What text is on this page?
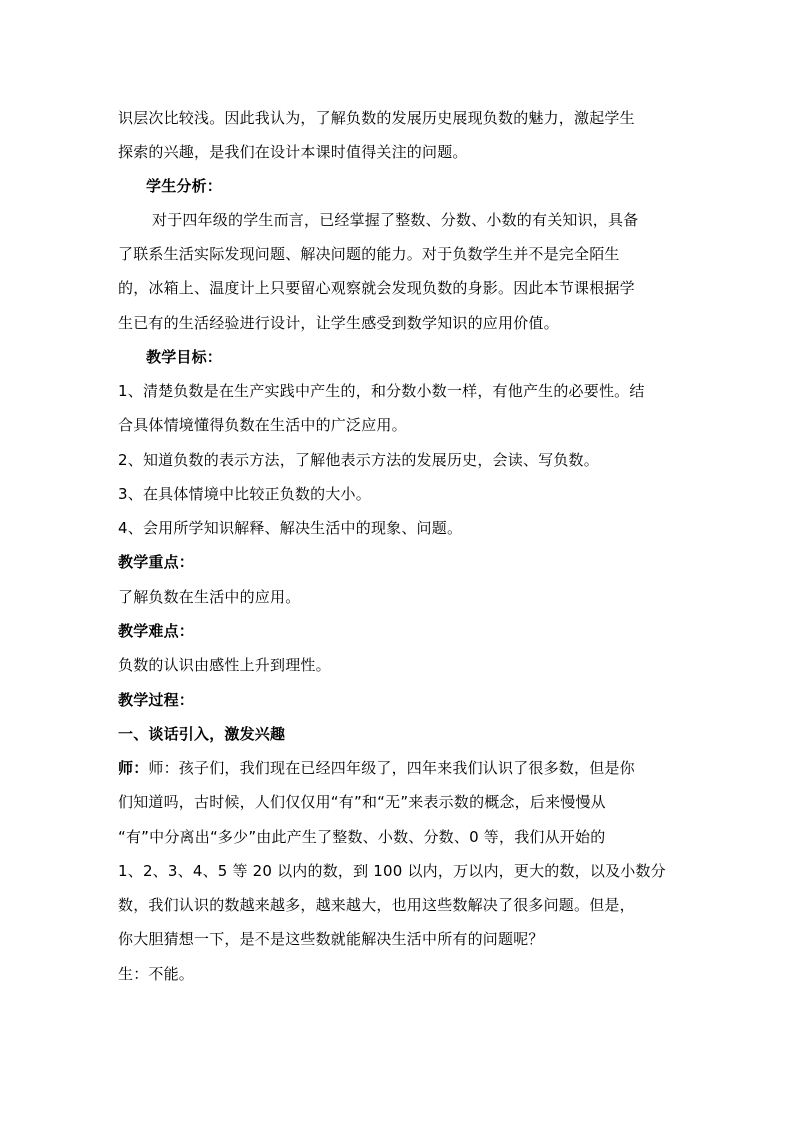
识层次比较浅。因此我认为，了解负数的发展历史展现负数的魅力，激起学生
探索的兴趣，是我们在设计本课时值得关注的问题。
学生分析：
对于四年级的学生而言，已经掌握了整数、分数、小数的有关知识，具备
了联系生活实际发现问题、解决问题的能力。对于负数学生并不是完全陌生
的，冰箱上、温度计上只要留心观察就会发现负数的身影。因此本节课根据学
生已有的生活经验进行设计，让学生感受到数学知识的应用价值。
教学目标：
1、清楚负数是在生产实践中产生的，和分数小数一样，有他产生的必要性。结
合具体情境懂得负数在生活中的广泛应用。
2、知道负数的表示方法，了解他表示方法的发展历史，会读、写负数。
3、在具体情境中比较正负数的大小。
4、会用所学知识解释、解决生活中的现象、问题。
教学重点：
了解负数在生活中的应用。
教学难点：
负数的认识由感性上升到理性。
教学过程：
一、谈话引入，激发兴趣
师：师：孩子们，我们现在已经四年级了，四年来我们认识了很多数，但是你
们知道吗，古时候，人们仅仅用“有”和“无”来表示数的概念，后来慢慢从
“有”中分离出“多少”由此产生了整数、小数、分数、0 等，我们从开始的
1、2、3、4、5 等 20 以内的数，到 100 以内，万以内，更大的数，以及小数分
数，我们认识的数越来越多，越来越大，也用这些数解决了很多问题。但是，
你大胆猜想一下，是不是这些数就能解决生活中所有的问题呢？
生：不能。
